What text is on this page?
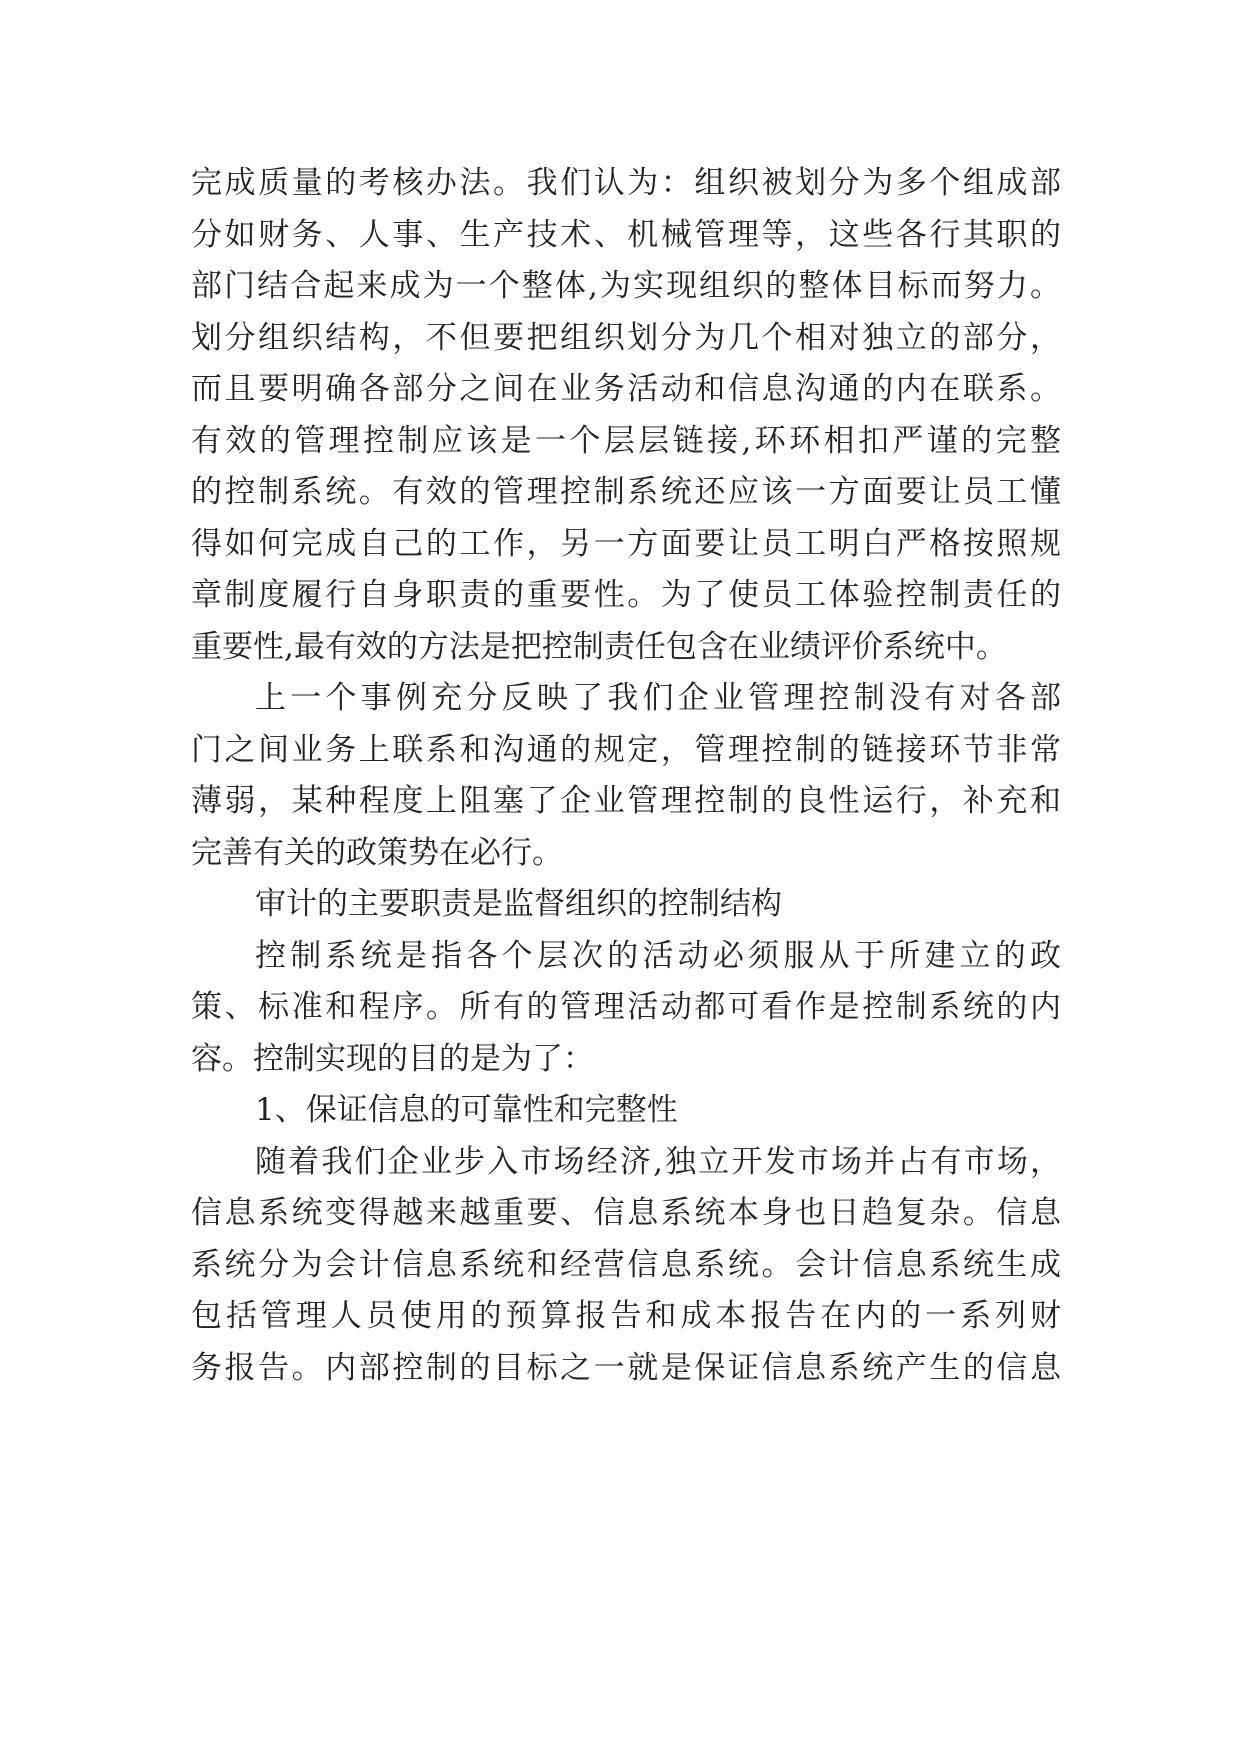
完成质量的考核办法。我们认为：组织被划分为多个组成部
分如财务、人事、生产技术、机械管理等，这些各行其职的
部门结合起来成为一个整体,为实现组织的整体目标而努力。
划分组织结构，不但要把组织划分为几个相对独立的部分，
而且要明确各部分之间在业务活动和信息沟通的内在联系。
有效的管理控制应该是一个层层链接,环环相扣严谨的完整
的控制系统。有效的管理控制系统还应该一方面要让员工懂
得如何完成自己的工作，另一方面要让员工明白严格按照规
章制度履行自身职责的重要性。为了使员工体验控制责任的
重要性,最有效的方法是把控制责任包含在业绩评价系统中。
上一个事例充分反映了我们企业管理控制没有对各部
门之间业务上联系和沟通的规定，管理控制的链接环节非常
薄弱，某种程度上阻塞了企业管理控制的良性运行，补充和
完善有关的政策势在必行。
审计的主要职责是监督组织的控制结构
控制系统是指各个层次的活动必须服从于所建立的政
策、标准和程序。所有的管理活动都可看作是控制系统的内
容。控制实现的目的是为了：
1、保证信息的可靠性和完整性
随着我们企业步入市场经济,独立开发市场并占有市场，
信息系统变得越来越重要、信息系统本身也日趋复杂。信息
系统分为会计信息系统和经营信息系统。会计信息系统生成
包括管理人员使用的预算报告和成本报告在内的一系列财
务报告。内部控制的目标之一就是保证信息系统产生的信息
